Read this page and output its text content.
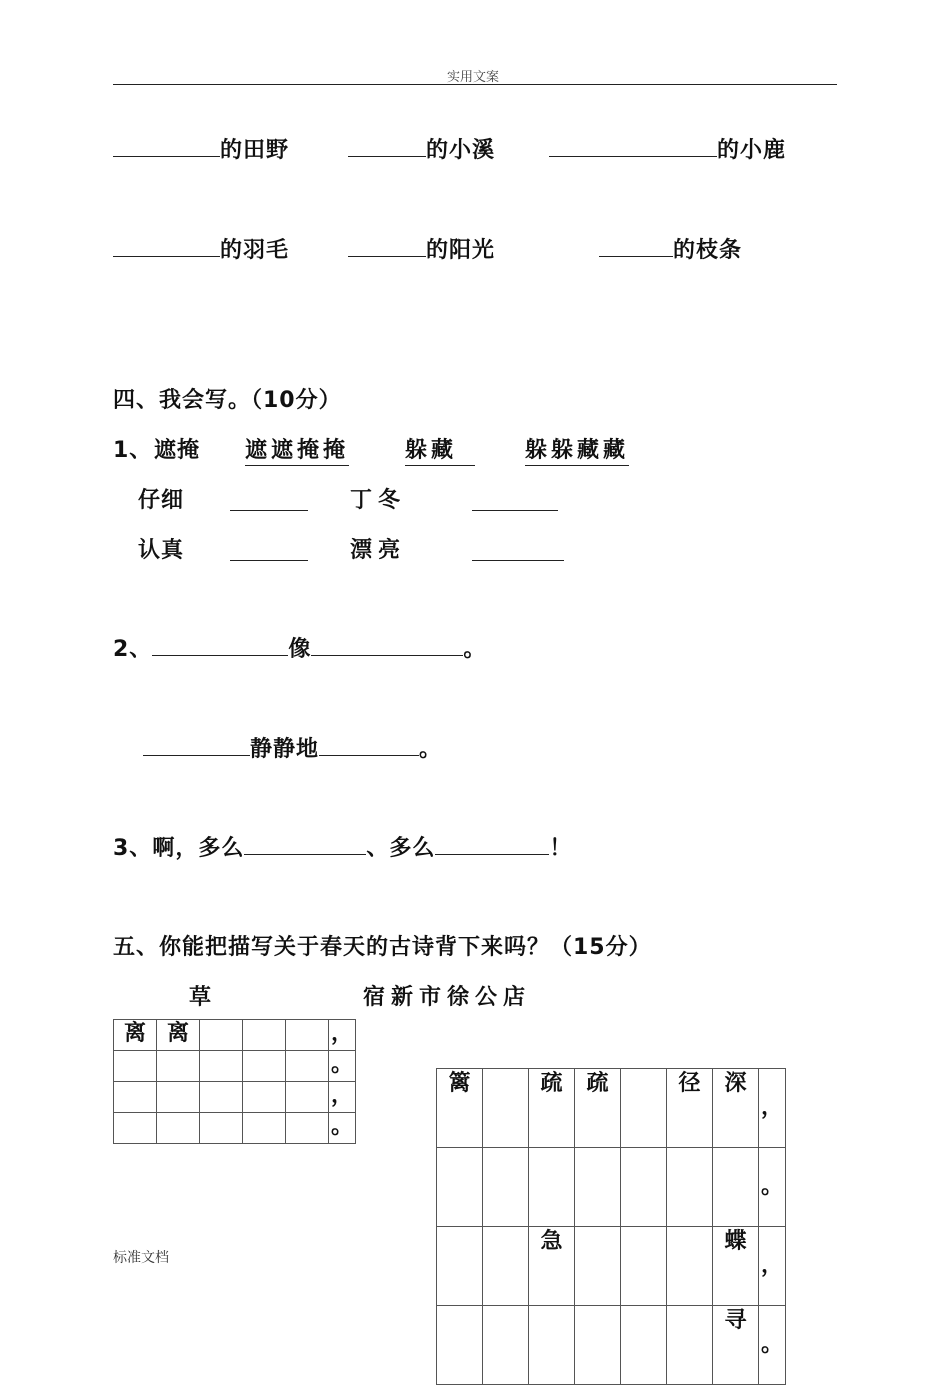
实用文案
的田野	的小溪	的小鹿
的羽毛	的阳光	的枝条
四、我会写。（10分）
1、 遮掩 遮遮掩掩	躲藏	躲躲藏藏
仔细	丁冬
认真	漂亮
2、	像	。
静静地	。
3、啊，多么	、多么	！
五、你能把描写关于春天的古诗背下来吗？（15分）
草	宿新市徐公店
离	离				，
					。
					，
					。
篱		疏	疏		径	深	，
							。
		急				蝶	，
						寻	。
标准文档
